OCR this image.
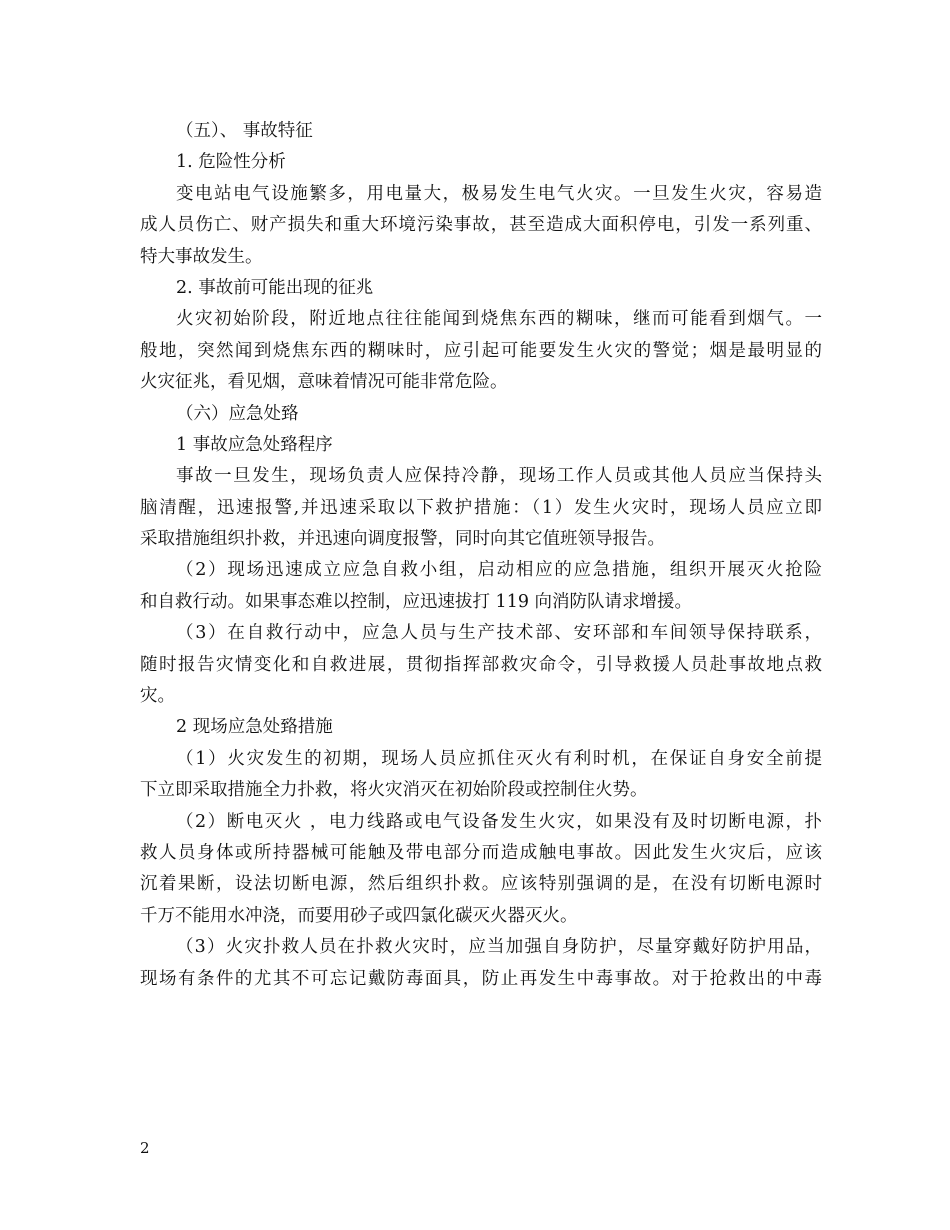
（五）、 事故特征
1. 危险性分析
变电站电气设施繁多，用电量大，极易发生电气火灾。一旦发生火灾，容易造
成人员伤亡、财产损失和重大环境污染事故，甚至造成大面积停电，引发一系列重、
特大事故发生。
2. 事故前可能出现的征兆
火灾初始阶段，附近地点往往能闻到烧焦东西的糊味，继而可能看到烟气。一
般地，突然闻到烧焦东西的糊味时，应引起可能要发生火灾的警觉；烟是最明显的
火灾征兆，看见烟，意味着情况可能非常危险。
（六）应急处臵
1 事故应急处臵程序
事故一旦发生，现场负责人应保持冷静，现场工作人员或其他人员应当保持头
脑清醒，迅速报警,并迅速采取以下救护措施：（1）发生火灾时，现场人员应立即
采取措施组织扑救，并迅速向调度报警，同时向其它值班领导报告。
（2）现场迅速成立应急自救小组，启动相应的应急措施，组织开展灭火抢险
和自救行动。如果事态难以控制，应迅速拔打 119 向消防队请求增援。
（3）在自救行动中，应急人员与生产技术部、安环部和车间领导保持联系，
随时报告灾情变化和自救进展，贯彻指挥部救灾命令，引导救援人员赴事故地点救
灾。
2 现场应急处臵措施
（1）火灾发生的初期，现场人员应抓住灭火有利时机，在保证自身安全前提
下立即采取措施全力扑救，将火灾消灭在初始阶段或控制住火势。
（2）断电灭火 ，电力线路或电气设备发生火灾，如果没有及时切断电源，扑
救人员身体或所持器械可能触及带电部分而造成触电事故。因此发生火灾后，应该
沉着果断，设法切断电源，然后组织扑救。应该特别强调的是，在没有切断电源时
千万不能用水冲浇，而要用砂子或四氯化碳灭火器灭火。
（3）火灾扑救人员在扑救火灾时，应当加强自身防护，尽量穿戴好防护用品，
现场有条件的尤其不可忘记戴防毒面具，防止再发生中毒事故。对于抢救出的中毒
2
